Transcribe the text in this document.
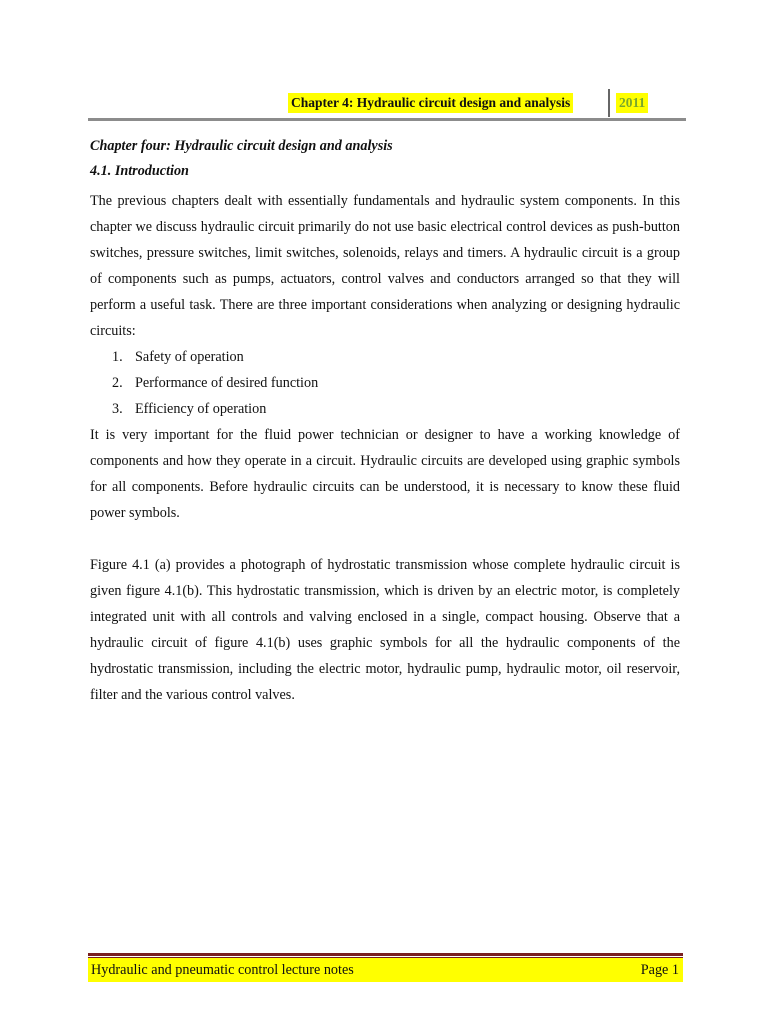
Chapter 4: Hydraulic circuit design and analysis	2011

Chapter four: Hydraulic circuit design and analysis

4.1. Introduction

The previous chapters dealt with essentially fundamentals and hydraulic system components. In this chapter we discuss hydraulic circuit primarily do not use basic electrical control devices as push-button switches, pressure switches, limit switches, solenoids, relays and timers. A hydraulic circuit is a group of components such as pumps, actuators, control valves and conductors arranged so that they will perform a useful task. There are three important considerations when analyzing or designing hydraulic circuits:

1. Safety of operation
2. Performance of desired function
3. Efficiency of operation

It is very important for the fluid power technician or designer to have a working knowledge of components and how they operate in a circuit. Hydraulic circuits are developed using graphic symbols for all components. Before hydraulic circuits can be understood, it is necessary to know these fluid power symbols.

Figure 4.1 (a) provides a photograph of hydrostatic transmission whose complete hydraulic circuit is given figure 4.1(b). This hydrostatic transmission, which is driven by an electric motor, is completely integrated unit with all controls and valving enclosed in a single, compact housing. Observe that a hydraulic circuit of figure 4.1(b) uses graphic symbols for all the hydraulic components of the hydrostatic transmission, including the electric motor, hydraulic pump, hydraulic motor, oil reservoir, filter and the various control valves.

Hydraulic and pneumatic control lecture notes	Page 1
